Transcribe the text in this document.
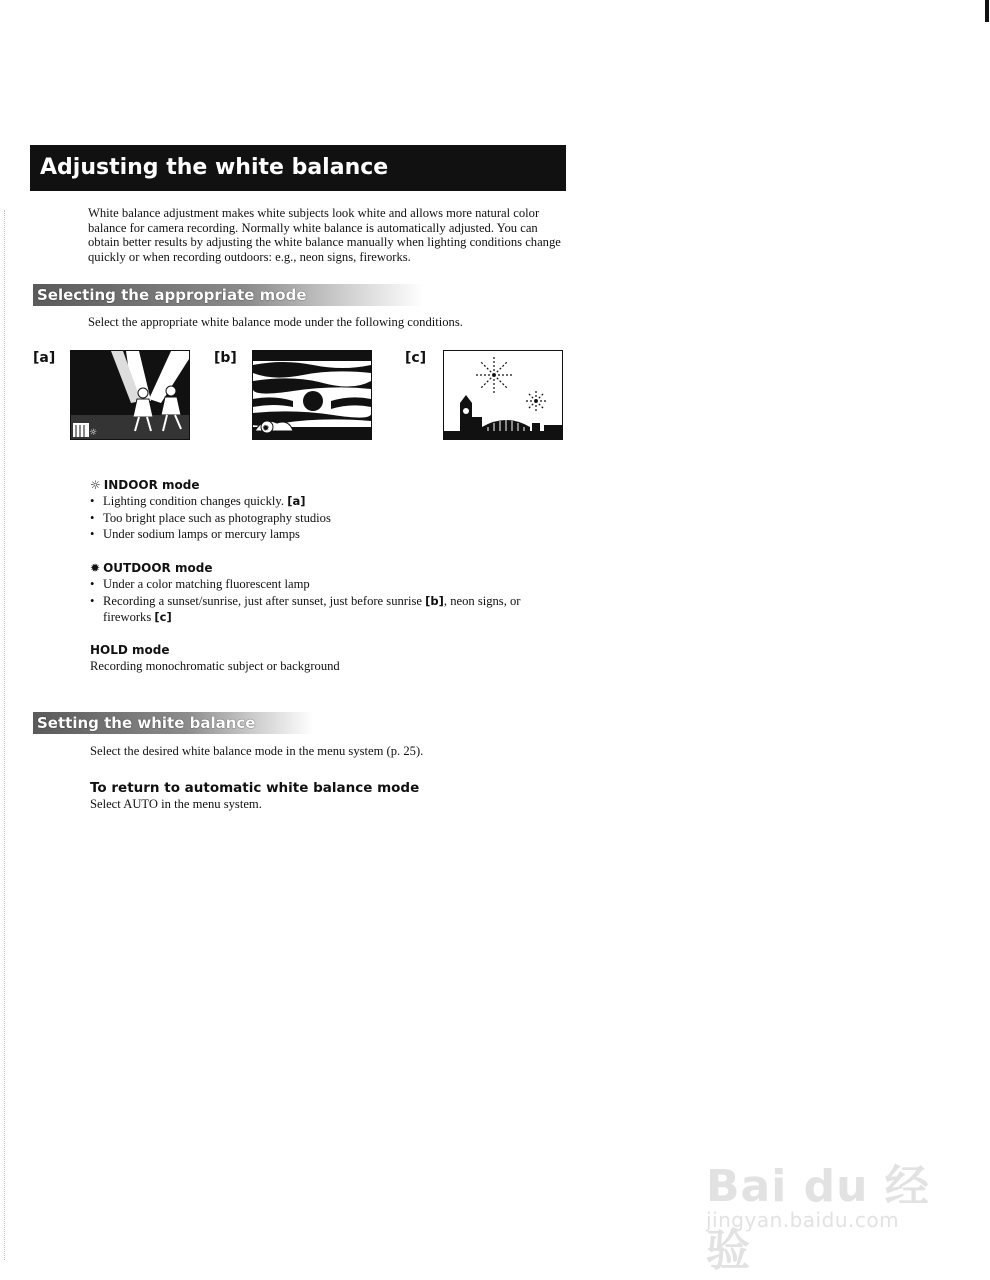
Adjusting the white balance
White balance adjustment makes white subjects look white and allows more natural color balance for camera recording. Normally white balance is automatically adjusted. You can obtain better results by adjusting the white balance manually when lighting conditions change quickly or when recording outdoors: e.g., neon signs, fireworks.
Selecting the appropriate mode
Select the appropriate white balance mode under the following conditions.
[a]
☼
[b]
✹
[c]
☼ INDOOR mode
• Lighting condition changes quickly. [a]
• Too bright place such as photography studios
• Under sodium lamps or mercury lamps
✹ OUTDOOR mode
• Under a color matching fluorescent lamp
• Recording a sunset/sunrise, just after sunset, just before sunrise [b], neon signs, or fireworks [c]
HOLD mode
Recording monochromatic subject or background
Setting the white balance
Select the desired white balance mode in the menu system (p. 25).
To return to automatic white balance mode
Select AUTO in the menu system.
Bai du 经验
jingyan.baidu.com
